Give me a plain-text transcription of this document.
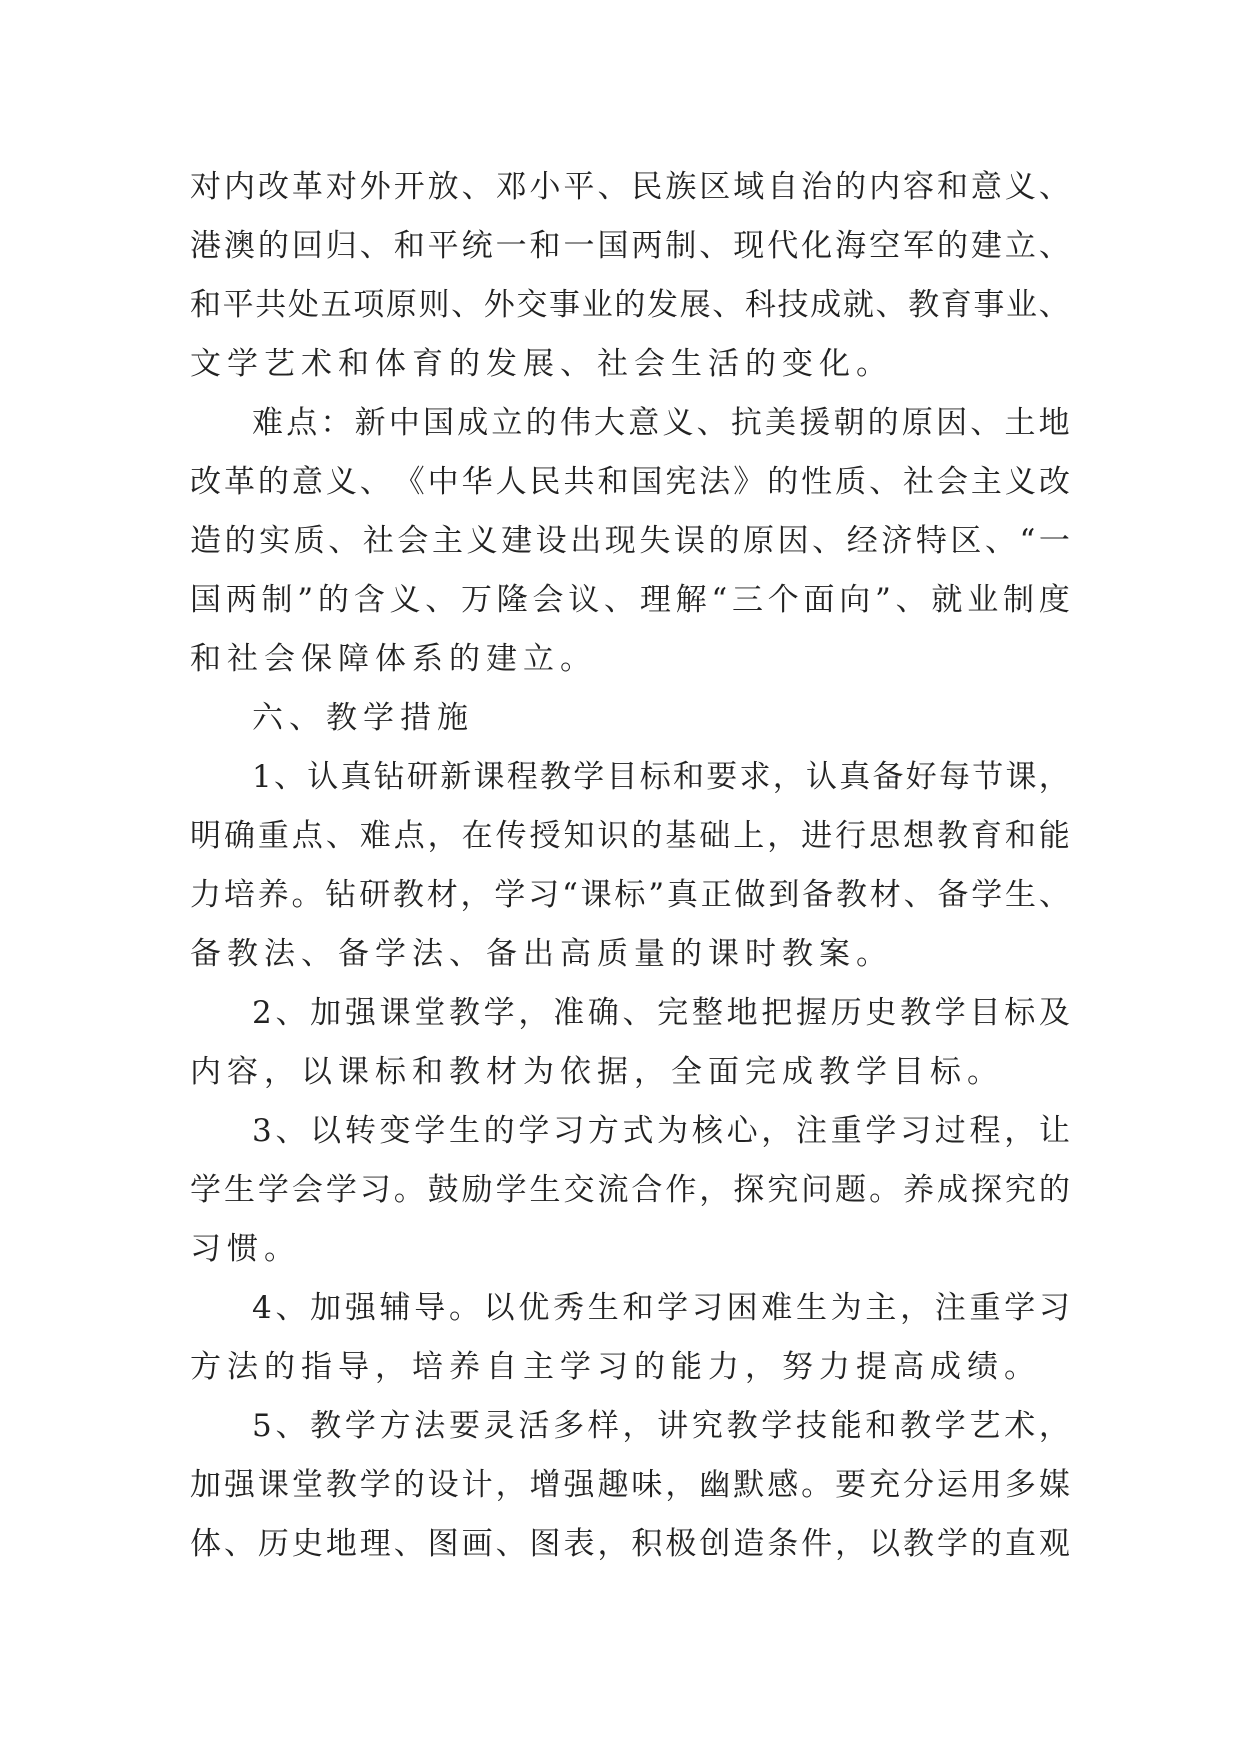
对 内 改 革 对 外 开 放 、 邓 小 平 、 民 族 区 域 自 治 的 内 容 和 意 义 、
港 澳 的 回 归 、 和 平 统 一 和 一 国 两 制 、 现 代 化 海 空 军 的 建 立 、
和 平 共 处 五 项 原 则 、 外 交 事 业 的 发 展 、 科 技 成 就 、 教 育 事 业 、
文学艺术和体育的发展、社会生活的变化。
难 点 ： 新 中 国 成 立 的 伟 大 意 义 、 抗 美 援 朝 的 原 因 、 土 地
改 革 的 意 义 、 《 中 华 人 民 共 和 国 宪 法 》 的 性 质 、 社 会 主 义 改
造 的 实 质 、 社 会 主 义 建 设 出 现 失 误 的 原 因 、 经 济 特 区 、 “ 一
国 两 制 ” 的 含 义 、 万 隆 会 议 、 理 解 “ 三 个 面 向 ” 、 就 业 制 度
和社会保障体系的建立。
六、教学措施
1 、 认 真 钻 研 新 课 程 教 学 目 标 和 要 求 ， 认 真 备 好 每 节 课 ，
明 确 重 点 、 难 点 ， 在 传 授 知 识 的 基 础 上 ， 进 行 思 想 教 育 和 能
力 培 养 。 钻 研 教 材 ， 学 习 “ 课 标 ” 真 正 做 到 备 教 材 、 备 学 生 、
备教法、备学法、备出高质量的课时教案。
2 、 加 强 课 堂 教 学 ， 准 确 、 完 整 地 把 握 历 史 教 学 目 标 及
内容，以课标和教材为依据，全面完成教学目标。
3 、 以 转 变 学 生 的 学 习 方 式 为 核 心 ， 注 重 学 习 过 程 ， 让
学 生 学 会 学 习 。 鼓 励 学 生 交 流 合 作 ， 探 究 问 题 。 养 成 探 究 的
习惯。
4 、 加 强 辅 导 。 以 优 秀 生 和 学 习 困 难 生 为 主 ， 注 重 学 习
方法的指导，培养自主学习的能力，努力提高成绩。
5 、 教 学 方 法 要 灵 活 多 样 ， 讲 究 教 学 技 能 和 教 学 艺 术 ，
加 强 课 堂 教 学 的 设 计 ， 增 强 趣 味 ， 幽 默 感 。 要 充 分 运 用 多 媒
体 、 历 史 地 理 、 图 画 、 图 表 ， 积 极 创 造 条 件 ， 以 教 学 的 直 观
